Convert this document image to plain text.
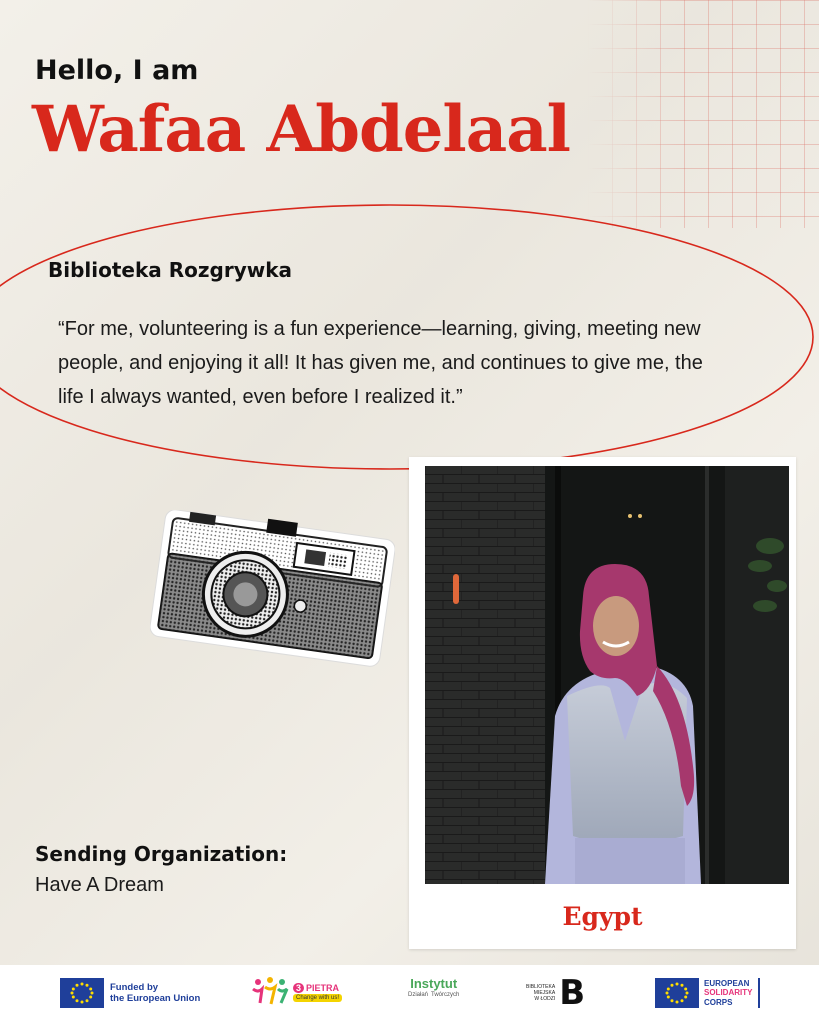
Hello, I am
Wafaa Abdelaal
Biblioteka Rozgrywka
“For me, volunteering is a fun experience—learning, giving, meeting new people, and enjoying it all! It has given me, and continues to give me, the life I always wanted, even before I realized it.”
Sending Organization:
Have A Dream
Egypt
Funded by
the European Union
3 PIETRA
Change with us!
Instytut
Działań Twórczych
BIBLIOTEKA
MIEJSKA
W ŁODZI B	EUROPEAN
SOLIDARITY
CORPS
